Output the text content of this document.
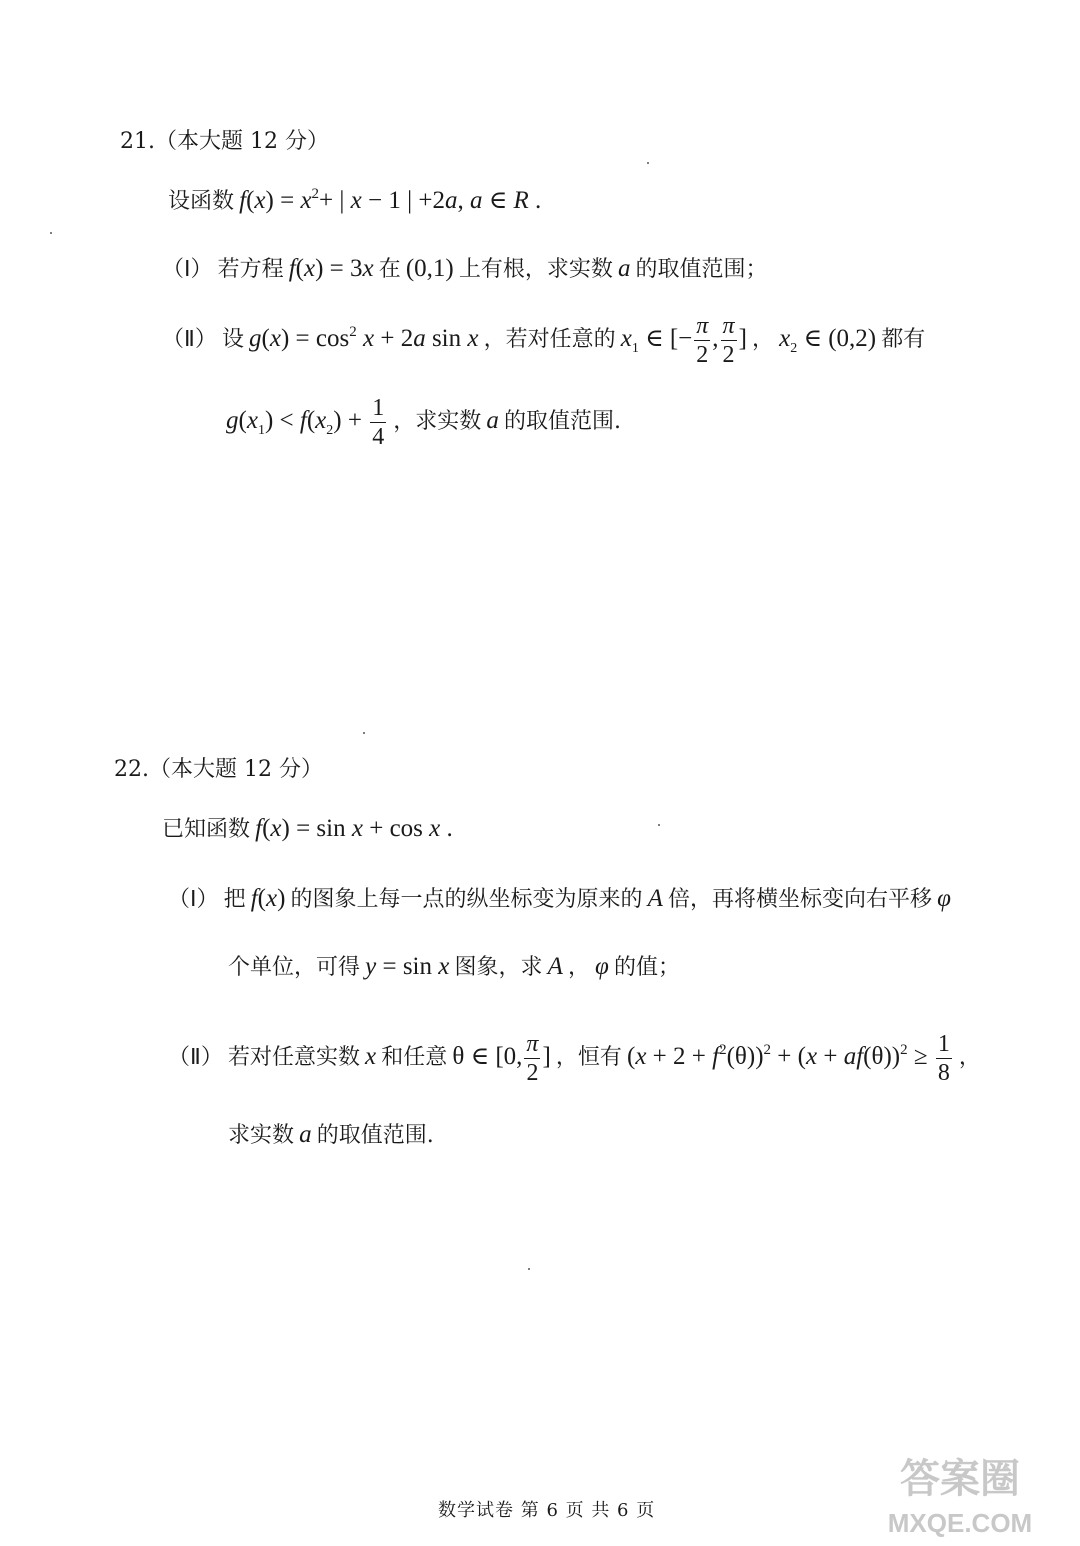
21.（本大题 12 分）
设函数 $f(x) = x^2+$ | x − 1 | +2a, a ∈ R .
（Ⅰ） 若方程 f(x) = 3x 在 (0,1) 上有根，求实数 a 的取值范围；
（Ⅱ） 设 $g(x) = \cos^2 x + 2a$ sin x ，若对任意的 $x_1$ ∈ [− $\frac{\pi}{2}$ , $\frac{\pi}{2}$ ] ， $x_2$ ∈ (0,2) 都有
$g(x_1) < f(x_2) + \frac{1}{4}$ ，求实数 a 的取值范围.
22.（本大题 12 分）
已知函数 f(x) = sin x + cos x .
（Ⅰ） 把 f(x) 的图象上每一点的纵坐标变为原来的 A 倍，再将横坐标变向右平移 φ
个单位，可得 y = sin x 图象，求 A ， φ 的值；
（Ⅱ） 若对任意实数 x 和任意 θ ∈ [0, $\frac{\pi}{2}$ ] ，恒有 $(x + 2 + f^2(\theta))^2 + (x + af(\theta))^2 \ge \frac{1}{8}$ ，
求实数 a 的取值范围.
数学试卷 第 6 页 共 6 页
答案圈
MXQE.COM
